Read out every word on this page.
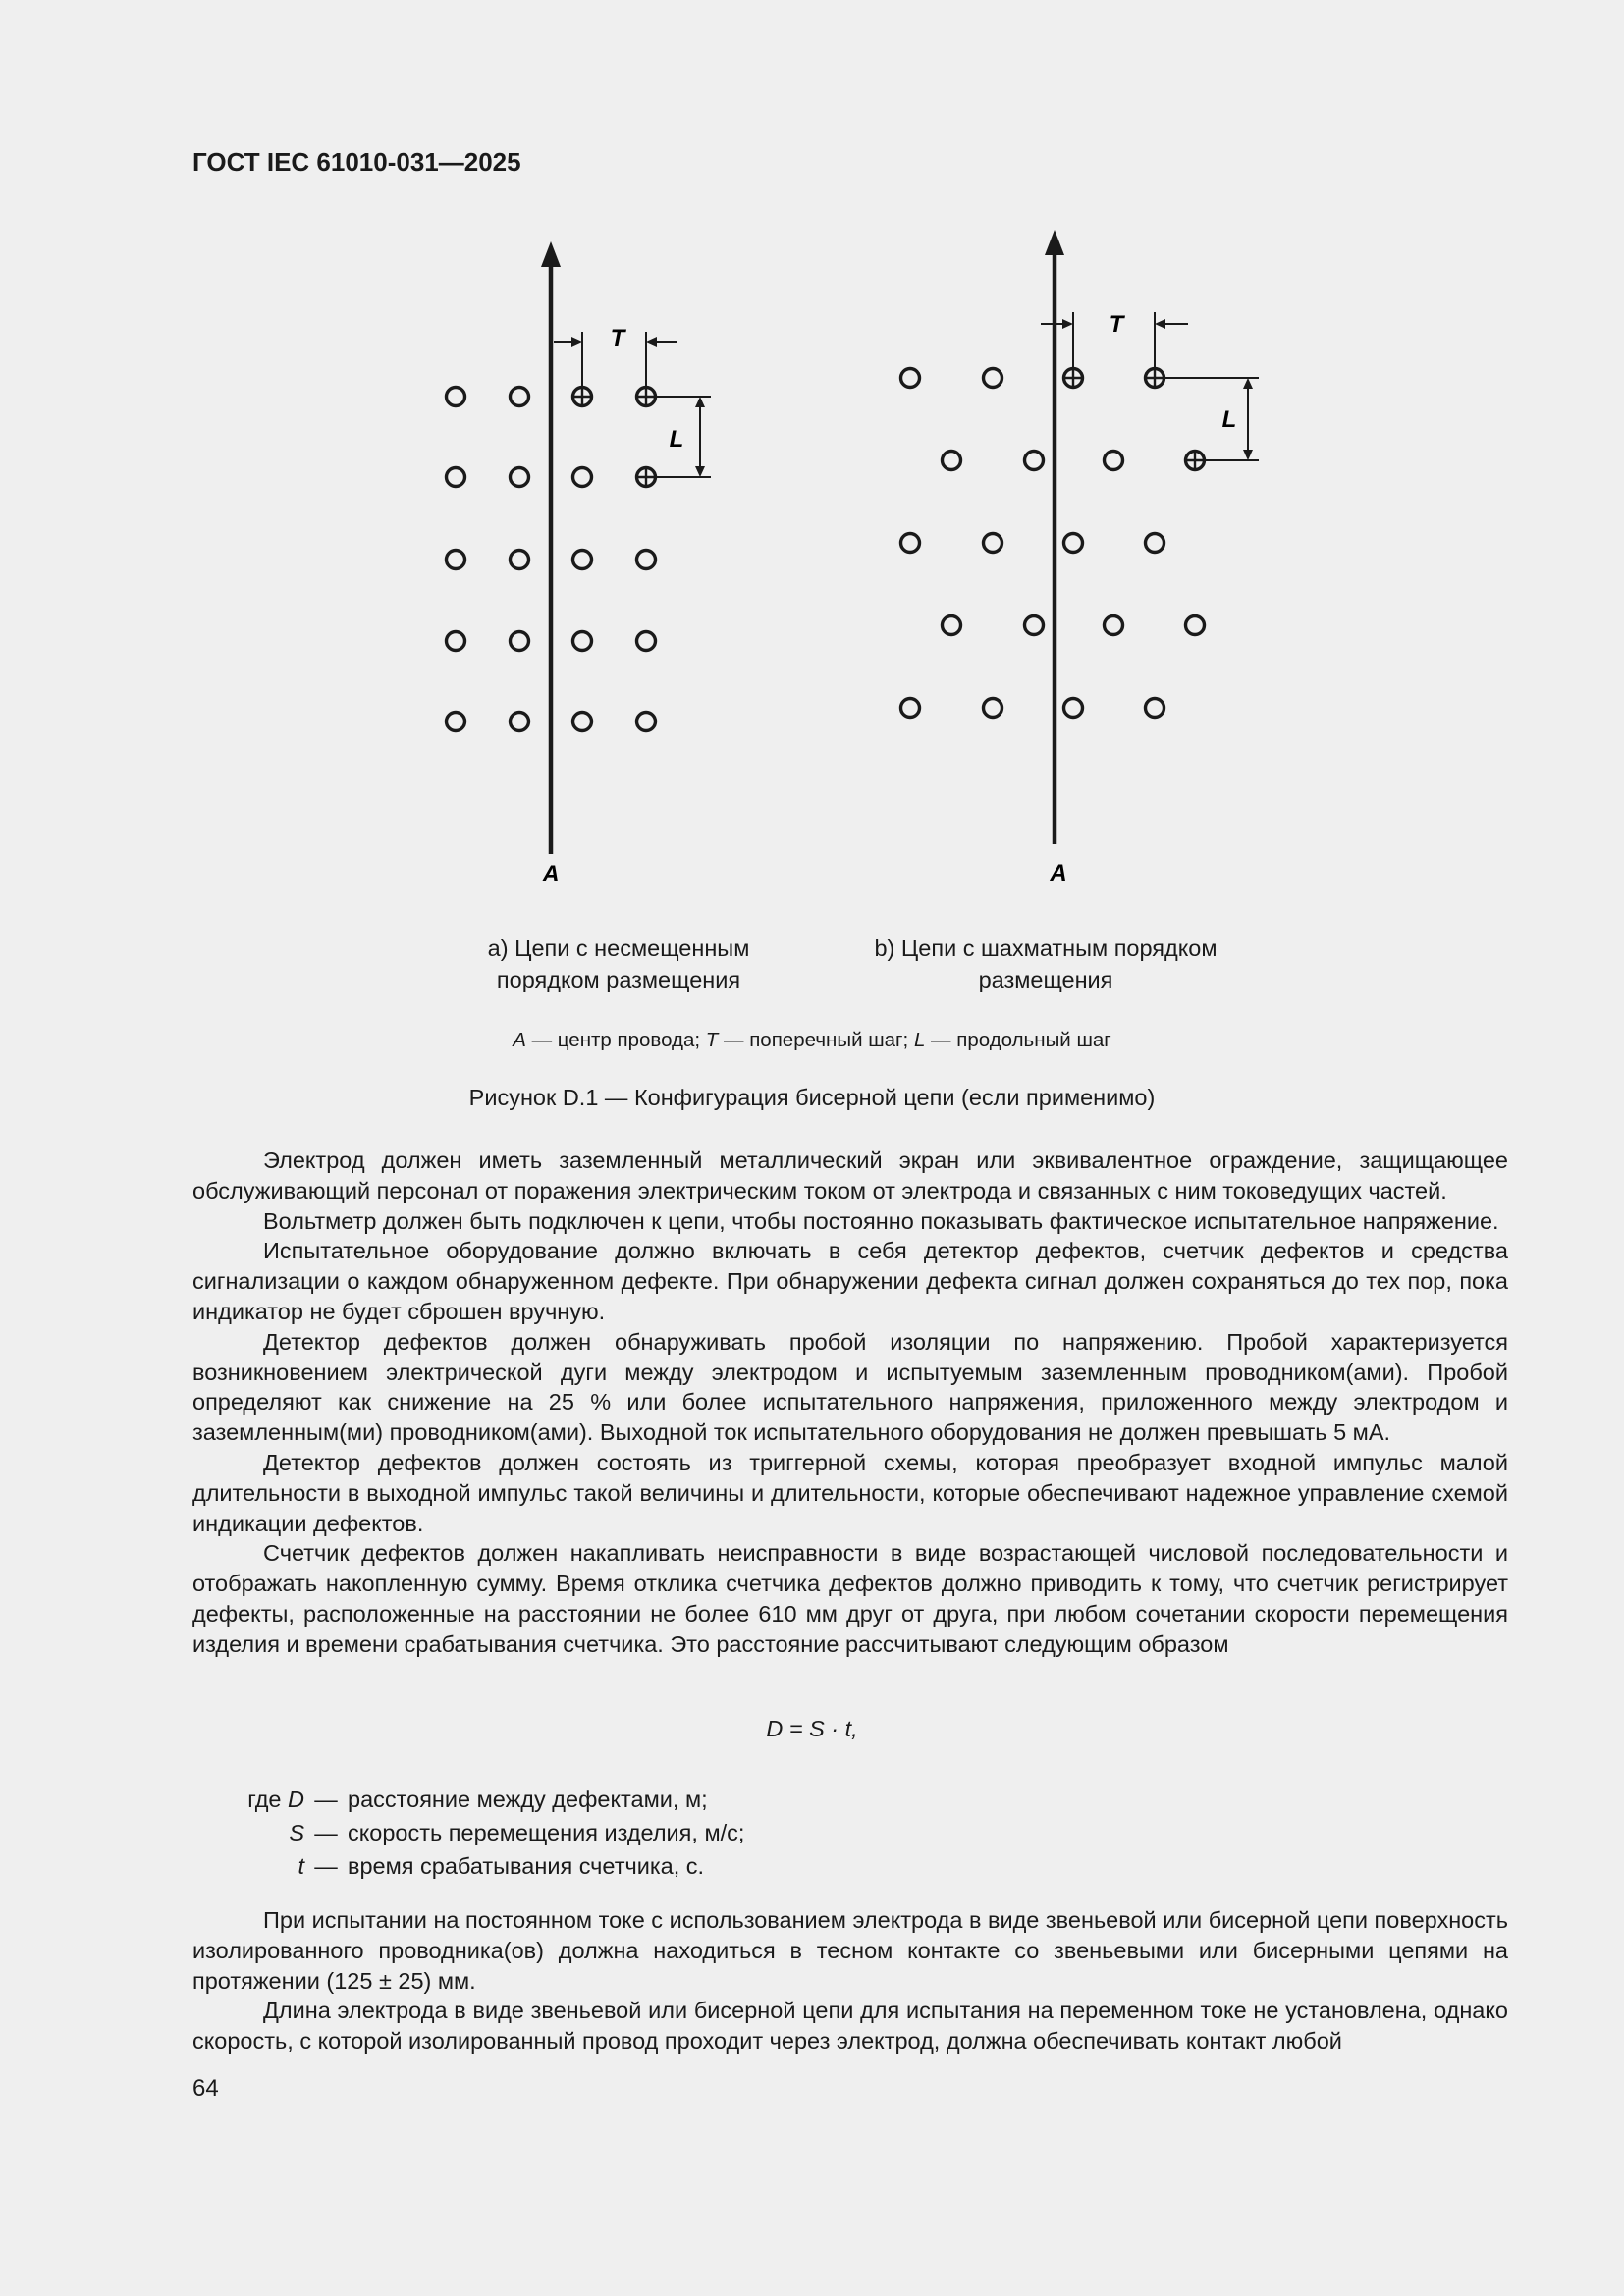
ГОСТ IEC 61010-031—2025
A	A
T
L
T
L
a) Цепи с несмещенным
порядком размещения
b) Цепи с шахматным порядком
размещения
A — центр провода; T — поперечный шаг; L — продольный шаг
Рисунок D.1 — Конфигурация бисерной цепи (если применимо)

Электрод должен иметь заземленный металлический экран или эквивалентное ограждение, защищающее обслуживающий персонал от поражения электрическим током от электрода и связанных с ним токоведущих частей.

Вольтметр должен быть подключен к цепи, чтобы постоянно показывать фактическое испытательное напряжение.

Испытательное оборудование должно включать в себя детектор дефектов, счетчик дефектов и средства сигнализации о каждом обнаруженном дефекте. При обнаружении дефекта сигнал должен сохраняться до тех пор, пока индикатор не будет сброшен вручную.

Детектор дефектов должен обнаруживать пробой изоляции по напряжению. Пробой характеризуется возникновением электрической дуги между электродом и испытуемым заземленным проводником(ами). Пробой определяют как снижение на 25 % или более испытательного напряжения, приложенного между электродом и заземленным(ми) проводником(ами). Выходной ток испытательного оборудования не должен превышать 5 мА.

Детектор дефектов должен состоять из триггерной схемы, которая преобразует входной импульс малой длительности в выходной импульс такой величины и длительности, которые обеспечивают надежное управление схемой индикации дефектов.

Счетчик дефектов должен накапливать неисправности в виде возрастающей числовой последовательности и отображать накопленную сумму. Время отклика счетчика дефектов должно приводить к тому, что счетчик регистрирует дефекты, расположенные на расстоянии не более 610 мм друг от друга, при любом сочетании скорости перемещения изделия и времени срабатывания счетчика. Это расстояние рассчитывают следующим образом

D = S · t,
где D — расстояние между дефектами, м;
S — скорость перемещения изделия, м/с;
t — время срабатывания счетчика, с.

При испытании на постоянном токе с использованием электрода в виде звеньевой или бисерной цепи поверхность изолированного проводника(ов) должна находиться в тесном контакте со звеньевыми или бисерными цепями на протяжении (125 ± 25) мм.

Длина электрода в виде звеньевой или бисерной цепи для испытания на переменном токе не установлена, однако скорость, с которой изолированный провод проходит через электрод, должна обеспечивать контакт любой

64
